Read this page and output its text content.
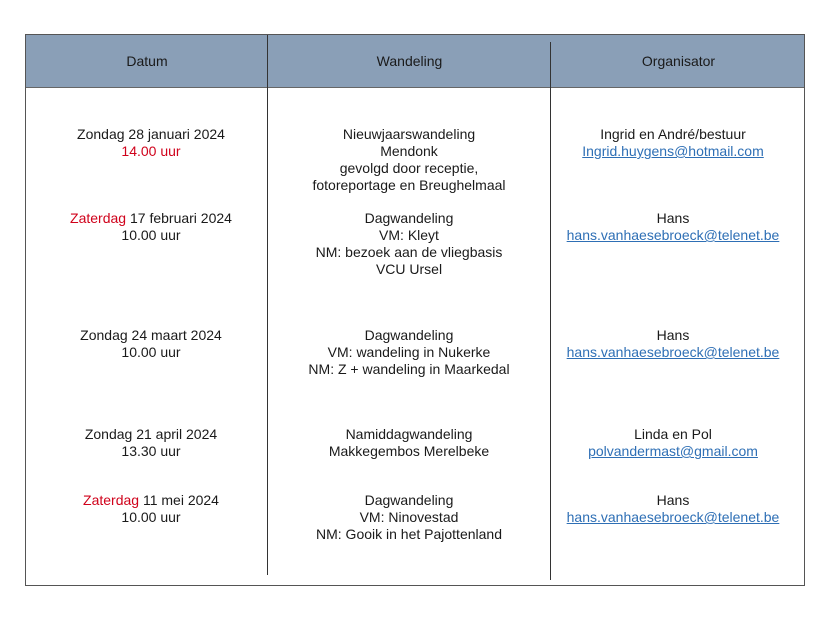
Datum	Wandeling	Organisator
Zondag 28 januari 2024
14.00 uur
Nieuwjaarswandeling
Mendonk
gevolgd door receptie,
fotoreportage en Breughelmaal
Ingrid en André/bestuur
Ingrid.huygens@hotmail.com
Zaterdag 17 februari 2024
10.00 uur
Dagwandeling
VM: Kleyt
NM: bezoek aan de vliegbasis
VCU Ursel
Hans
hans.vanhaesebroeck@telenet.be
Zondag 24 maart 2024
10.00 uur
Dagwandeling
VM: wandeling in Nukerke
NM: Z + wandeling in Maarkedal
Hans
hans.vanhaesebroeck@telenet.be
Zondag 21 april 2024
13.30 uur
Namiddagwandeling
Makkegembos Merelbeke
Linda en Pol
polvandermast@gmail.com
Zaterdag 11 mei 2024
10.00 uur
Dagwandeling
VM: Ninovestad
NM: Gooik in het Pajottenland
Hans
hans.vanhaesebroeck@telenet.be
